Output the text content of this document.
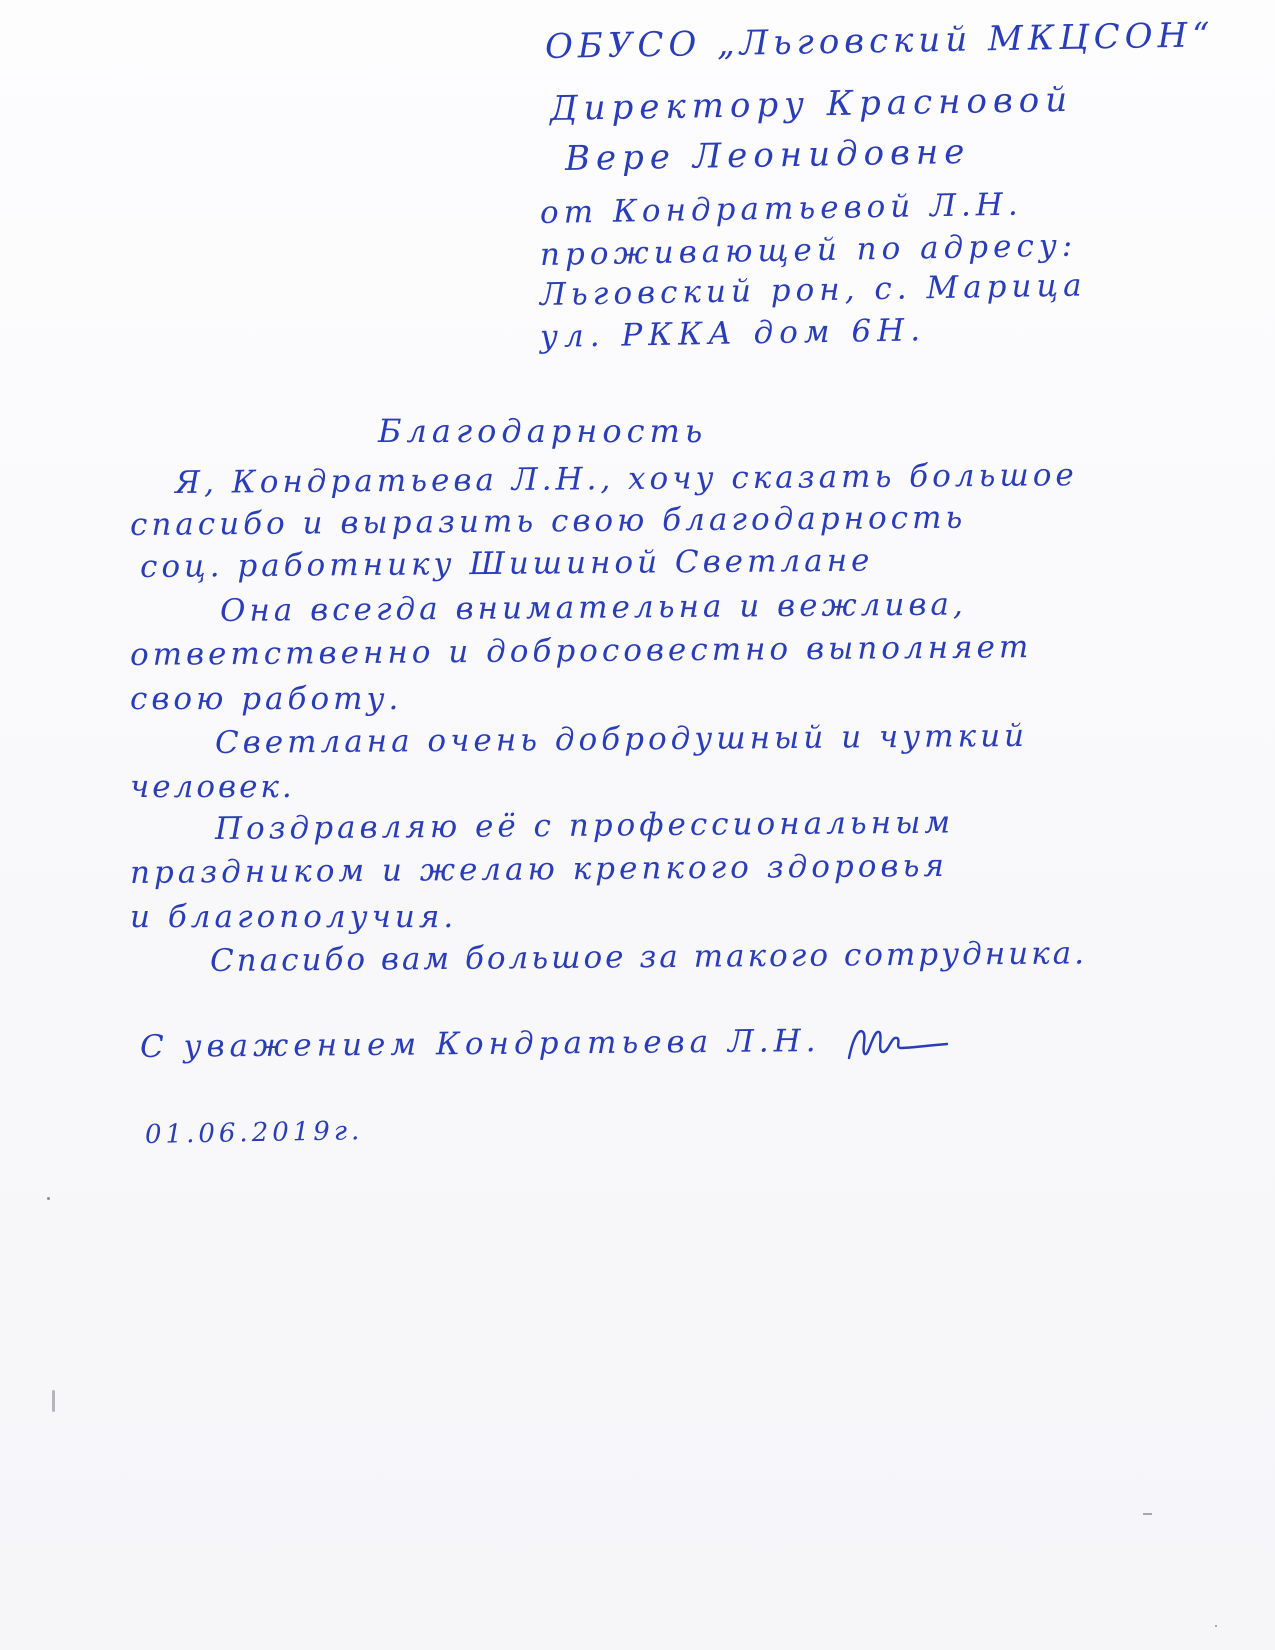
ОБУСО „Льговский МКЦСОН“
Директору Красновой
Вере Леонидовне
от Кондратьевой Л.Н.
проживающей по адресу:
Льговский рон, с. Марица
ул. РККА дом 6Н.
Благодарность
Я, Кондратьева Л.Н., хочу сказать большое
спасибо и выразить свою благодарность
соц. работнику Шишиной Светлане
Она всегда внимательна и вежлива,
ответственно и добросовестно выполняет
свою работу.
Светлана очень добродушный и чуткий
человек.
Поздравляю её с профессиональным
праздником и желаю крепкого здоровья
и благополучия.
Спасибо вам большое за такого сотрудника.
С уважением Кондратьева Л.Н.
01.06.2019г.
